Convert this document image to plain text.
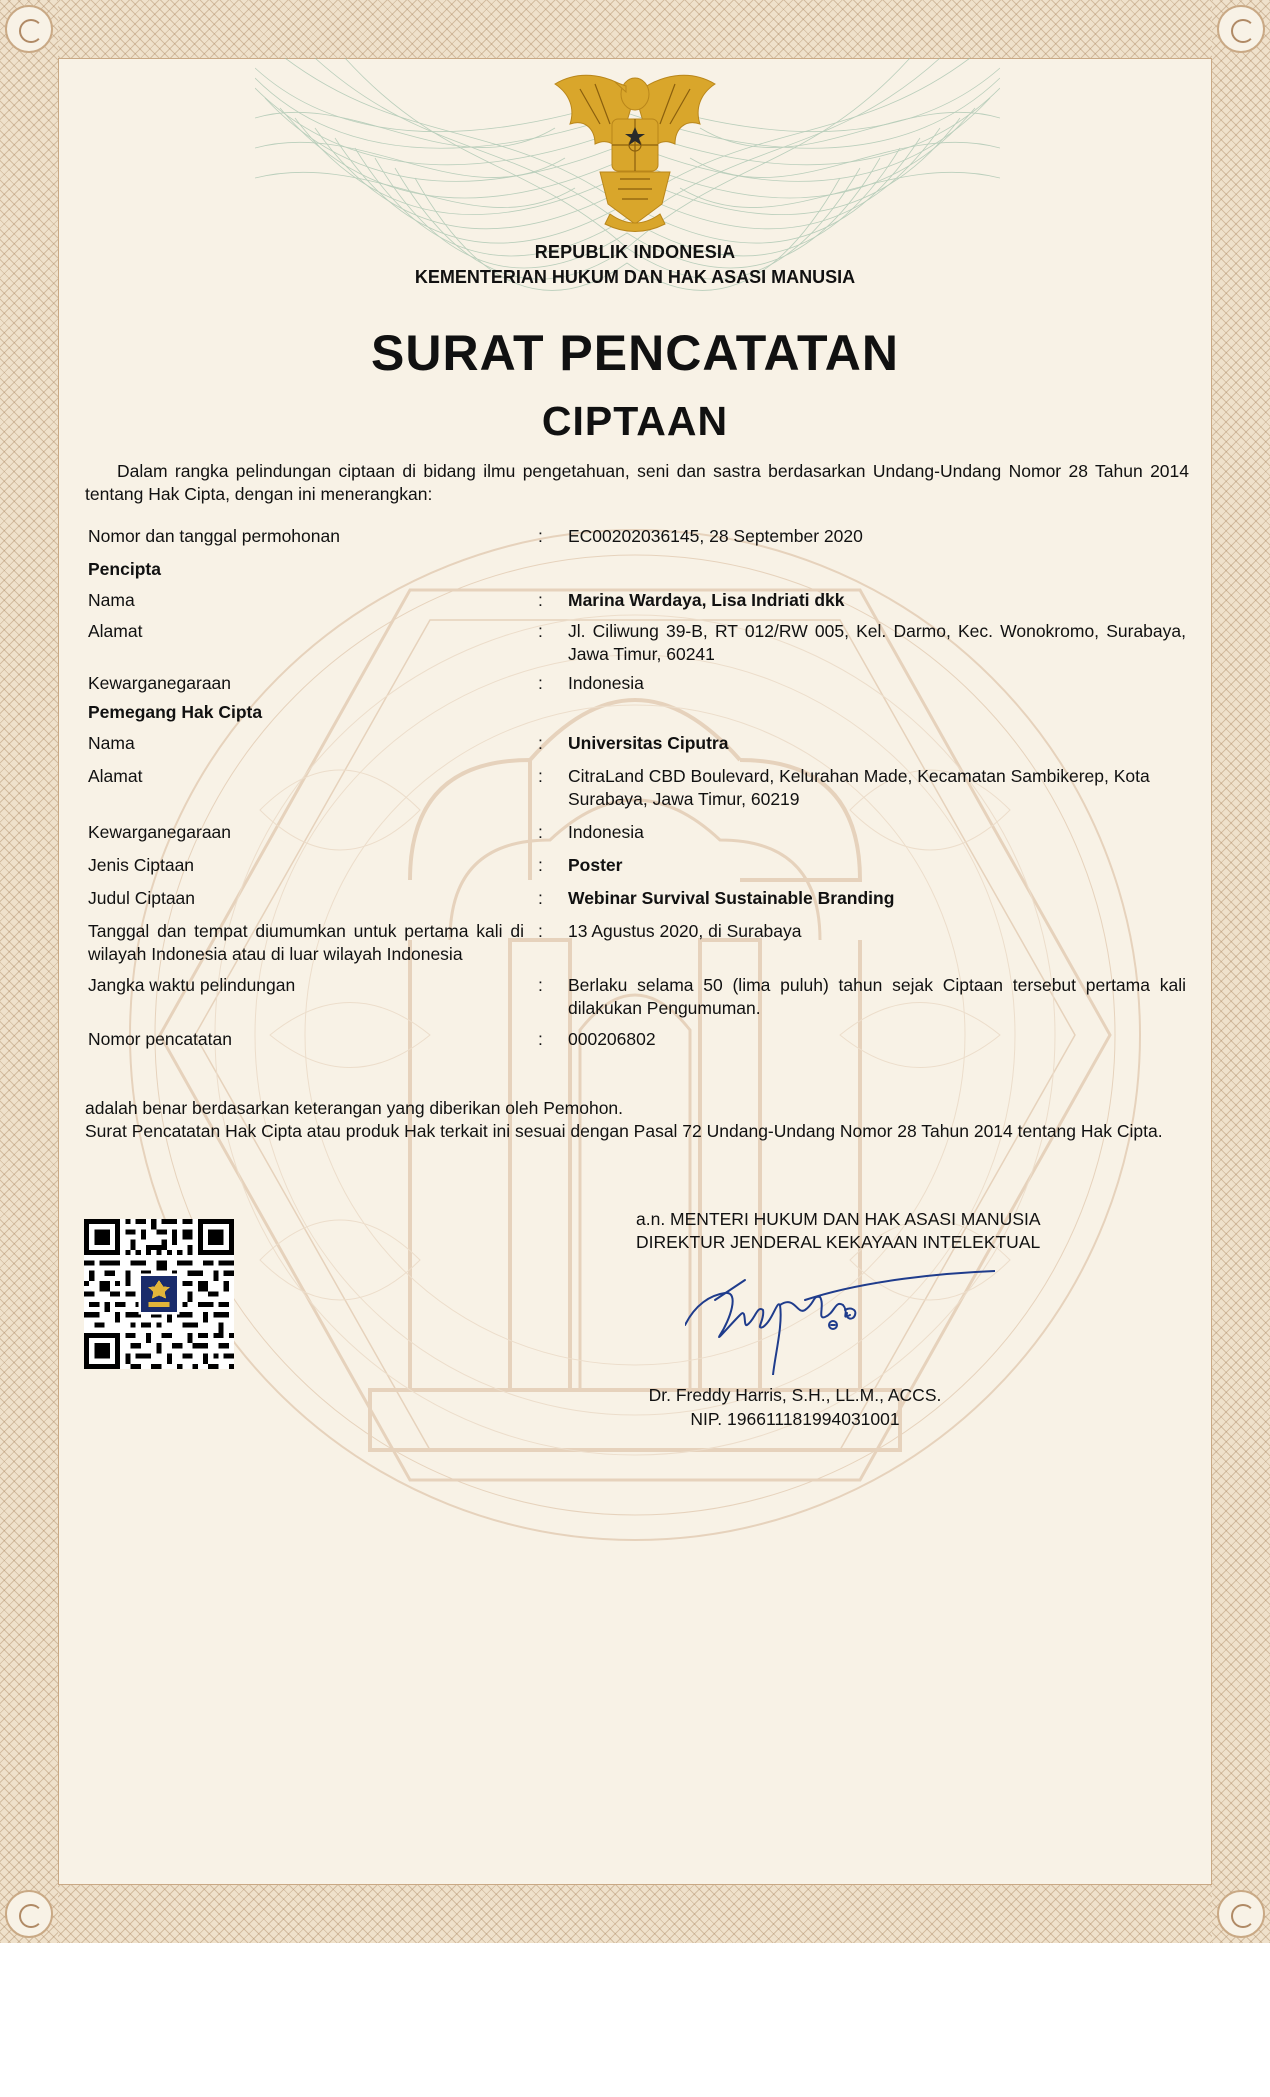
REPUBLIK INDONESIA
KEMENTERIAN HUKUM DAN HAK ASASI MANUSIA
SURAT PENCATATAN
CIPTAAN
Dalam rangka pelindungan ciptaan di bidang ilmu pengetahuan, seni dan sastra berdasarkan Undang-Undang Nomor 28 Tahun 2014 tentang Hak Cipta, dengan ini menerangkan:
Nomor dan tanggal permohonan	:	EC00202036145, 28 September 2020

Pencipta		

Nama	:	Marina Wardaya, Lisa Indriati dkk

Alamat	:	Jl. Ciliwung 39-B, RT 012/RW 005, Kel. Darmo, Kec. Wonokromo, Surabaya, Jawa Timur, 60241

Kewarganegaraan	:	Indonesia

Pemegang Hak Cipta		

Nama	:	Universitas Ciputra

Alamat	:	CitraLand CBD Boulevard, Kelurahan Made, Kecamatan Sambikerep, Kota Surabaya, Jawa Timur, 60219

Kewarganegaraan	:	Indonesia

Jenis Ciptaan	:	Poster

Judul Ciptaan	:	Webinar Survival Sustainable Branding

Tanggal dan tempat diumumkan untuk pertama kali di wilayah Indonesia atau di luar wilayah Indonesia	:	13 Agustus 2020, di Surabaya

Jangka waktu pelindungan	:	Berlaku selama 50 (lima puluh) tahun sejak Ciptaan tersebut pertama kali dilakukan Pengumuman.

Nomor pencatatan	:	000206802
adalah benar berdasarkan keterangan yang diberikan oleh Pemohon.
Surat Pencatatan Hak Cipta atau produk Hak terkait ini sesuai dengan Pasal 72 Undang-Undang Nomor 28 Tahun 2014 tentang Hak Cipta.
a.n. MENTERI HUKUM DAN HAK ASASI MANUSIA
DIREKTUR JENDERAL KEKAYAAN INTELEKTUAL
Dr. Freddy Harris, S.H., LL.M., ACCS.
NIP. 196611181994031001
